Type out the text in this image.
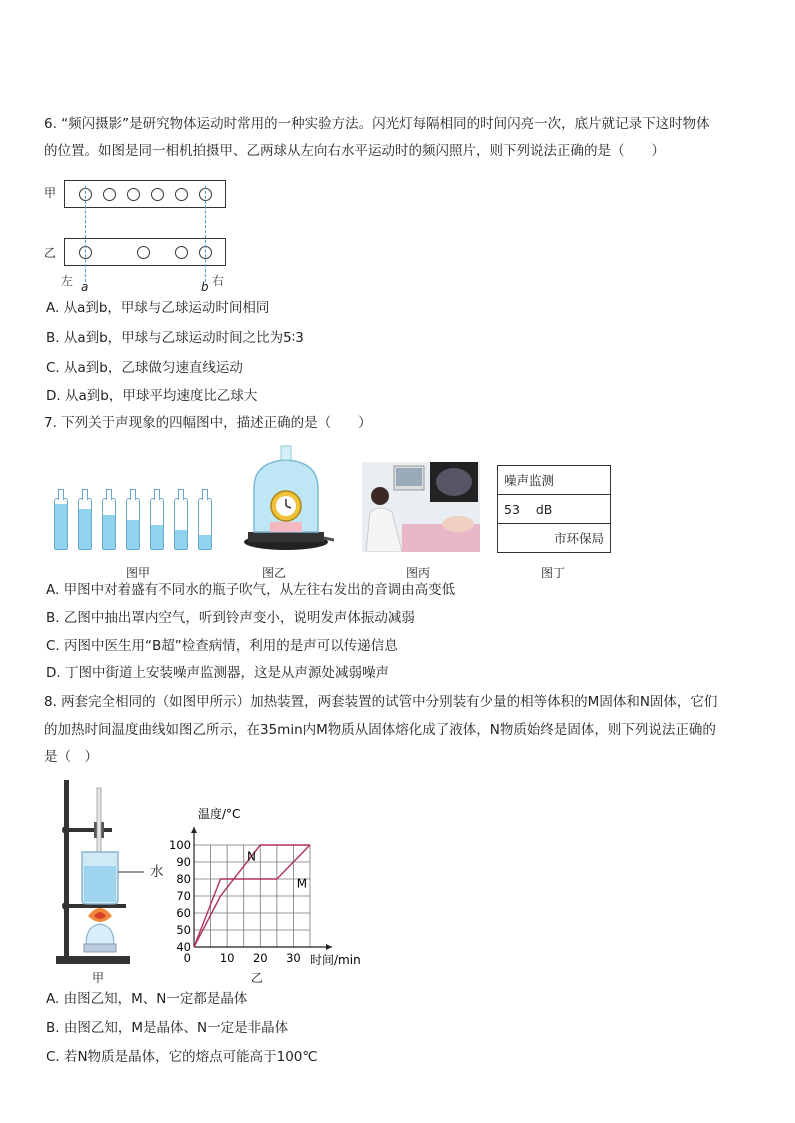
6. “频闪摄影”是研究物体运动时常用的一种实验方法。闪光灯每隔相同的时间闪亮一次，底片就记录下这时物体
的位置。如图是同一相机拍摄甲、乙两球从左向右水平运动时的频闪照片，则下列说法正确的是（　　）
甲
乙
左 a	b 右
A. 从a到b，甲球与乙球运动时间相同
B. 从a到b，甲球与乙球运动时间之比为5∶3
C. 从a到b，乙球做匀速直线运动
D. 从a到b，甲球平均速度比乙球大
7. 下列关于声现象的四幅图中，描述正确的是（　　）
噪声监测
53 dB
市环保局
图甲	图乙	图丙	图丁
A. 甲图中对着盛有不同水的瓶子吹气，从左往右发出的音调由高变低
B. 乙图中抽出罩内空气，听到铃声变小，说明发声体振动减弱
C. 丙图中医生用“B超”检查病情，利用的是声可以传递信息
D. 丁图中街道上安装噪声监测器，这是从声源处减弱噪声
8. 两套完全相同的（如图甲所示）加热装置，两套装置的试管中分别装有少量的相等体积的M固体和N固体，它们
的加热时间温度曲线如图乙所示，在35min内M物质从固体熔化成了液体，N物质始终是固体，则下列说法正确的
是（　）
水
甲
40
50
60
70
80
90
100
10 20 30
0
N
M
温度/°C
时间/min
乙
A. 由图乙知，M、N一定都是晶体
B. 由图乙知，M是晶体、N一定是非晶体
C. 若N物质是晶体，它的熔点可能高于100℃
